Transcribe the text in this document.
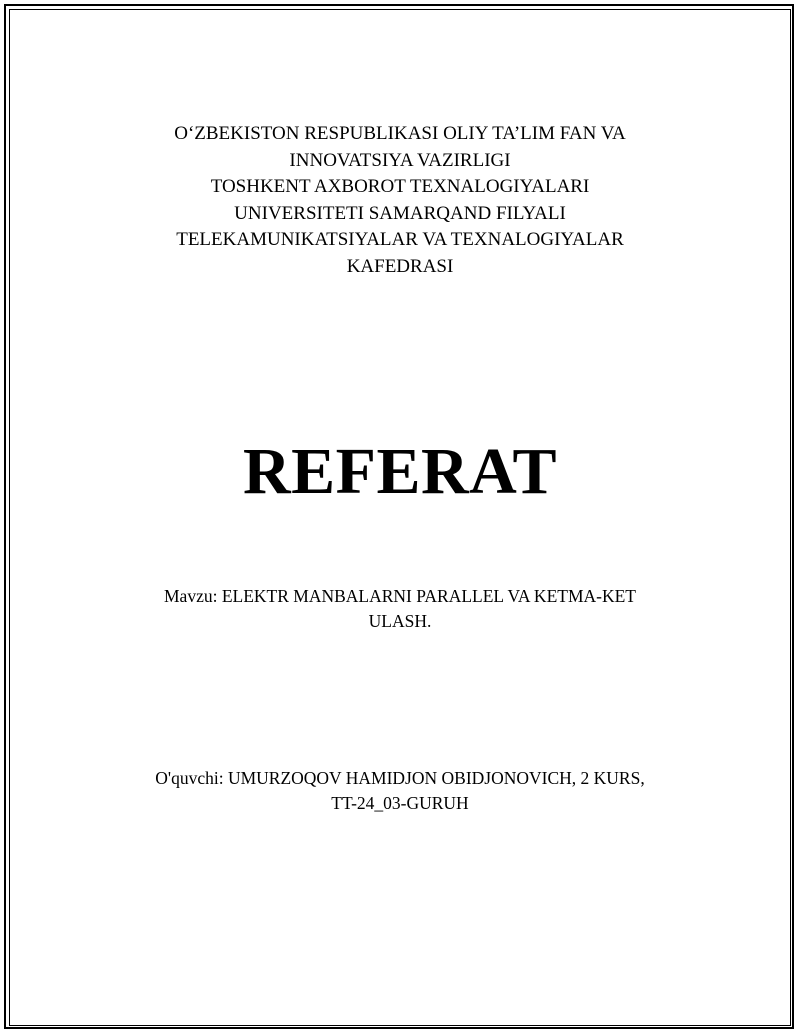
O‘ZBEKISTON RESPUBLIKASI OLIY TA’LIM FAN VA
INNOVATSIYA VAZIRLIGI
TOSHKENT AXBOROT TEXNALOGIYALARI
UNIVERSITETI SAMARQAND FILYALI
TELEKAMUNIKATSIYALAR VA TEXNALOGIYALAR
KAFEDRASI
REFERAT
Mavzu: ELEKTR MANBALARNI PARALLEL VA KETMA-KET
ULASH.
O'quvchi: UMURZOQOV HAMIDJON OBIDJONOVICH, 2 KURS,
TT-24_03-GURUH
